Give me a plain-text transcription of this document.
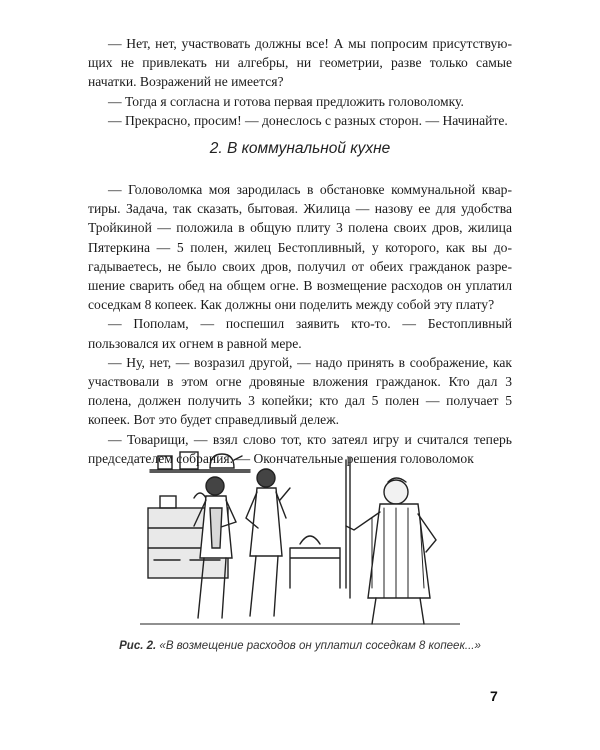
— Нет, нет, участвовать должны все! А мы попросим присутствую- щих не привлекать ни алгебры, ни геометрии, разве только самые начатки. Возражений не имеется?

— Тогда я согласна и готова первая предложить головоломку.

— Прекрасно, просим! — донеслось с разных сторон. — Начинайте.

2. В коммунальной кухне

— Головоломка моя зародилась в обстановке коммунальной квар- тиры. Задача, так сказать, бытовая. Жилица — назову ее для удобства Тройкиной — положила в общую плиту 3 полена своих дров, жилица Пятеркина — 5 полен, жилец Бестопливный, у которого, как вы до- гадываетесь, не было своих дров, получил от обеих гражданок разре- шение сварить обед на общем огне. В возмещение расходов он уплатил соседкам 8 копеек. Как должны они поделить между собой эту плату?

— Пополам, — поспешил заявить кто-то. — Бестопливный пользовался их огнем в равной мере.

— Ну, нет, — возразил другой, — надо принять в соображение, как участвовали в этом огне дровяные вложения гражданок. Кто дал 3 полена, должен получить 3 копейки; кто дал 5 полен — получает 5 копеек. Вот это будет справедливый дележ.

— Товарищи, — взял слово тот, кто затеял игру и считался теперь председателем собрания. — Окончательные решения головоломок

Рис. 2. «В возмещение расходов он уплатил соседкам 8 копеек...»
7
